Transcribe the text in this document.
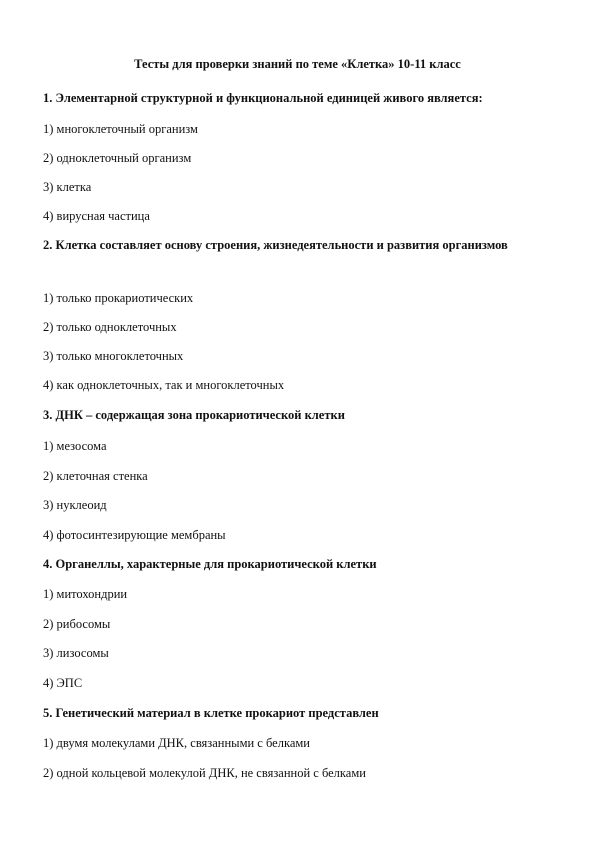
Тесты для проверки знаний по теме «Клетка» 10-11 класс
1. Элементарной структурной и функциональной единицей живого является:
1) многоклеточный организм
2) одноклеточный организм
3) клетка
4) вирусная частица
2. Клетка составляет основу строения, жизнедеятельности и развития организмов
1) только прокариотических
2) только одноклеточных
3) только многоклеточных
4) как одноклеточных, так и многоклеточных
3. ДНК – содержащая зона прокариотической клетки
1) мезосома
2) клеточная стенка
3) нуклеоид
4) фотосинтезирующие мембраны
4. Органеллы, характерные для прокариотической клетки
1) митохондрии
2) рибосомы
3) лизосомы
4) ЭПС
5. Генетический материал в клетке прокариот представлен
1) двумя молекулами ДНК, связанными с белками
2) одной кольцевой молекулой ДНК, не связанной с белками
